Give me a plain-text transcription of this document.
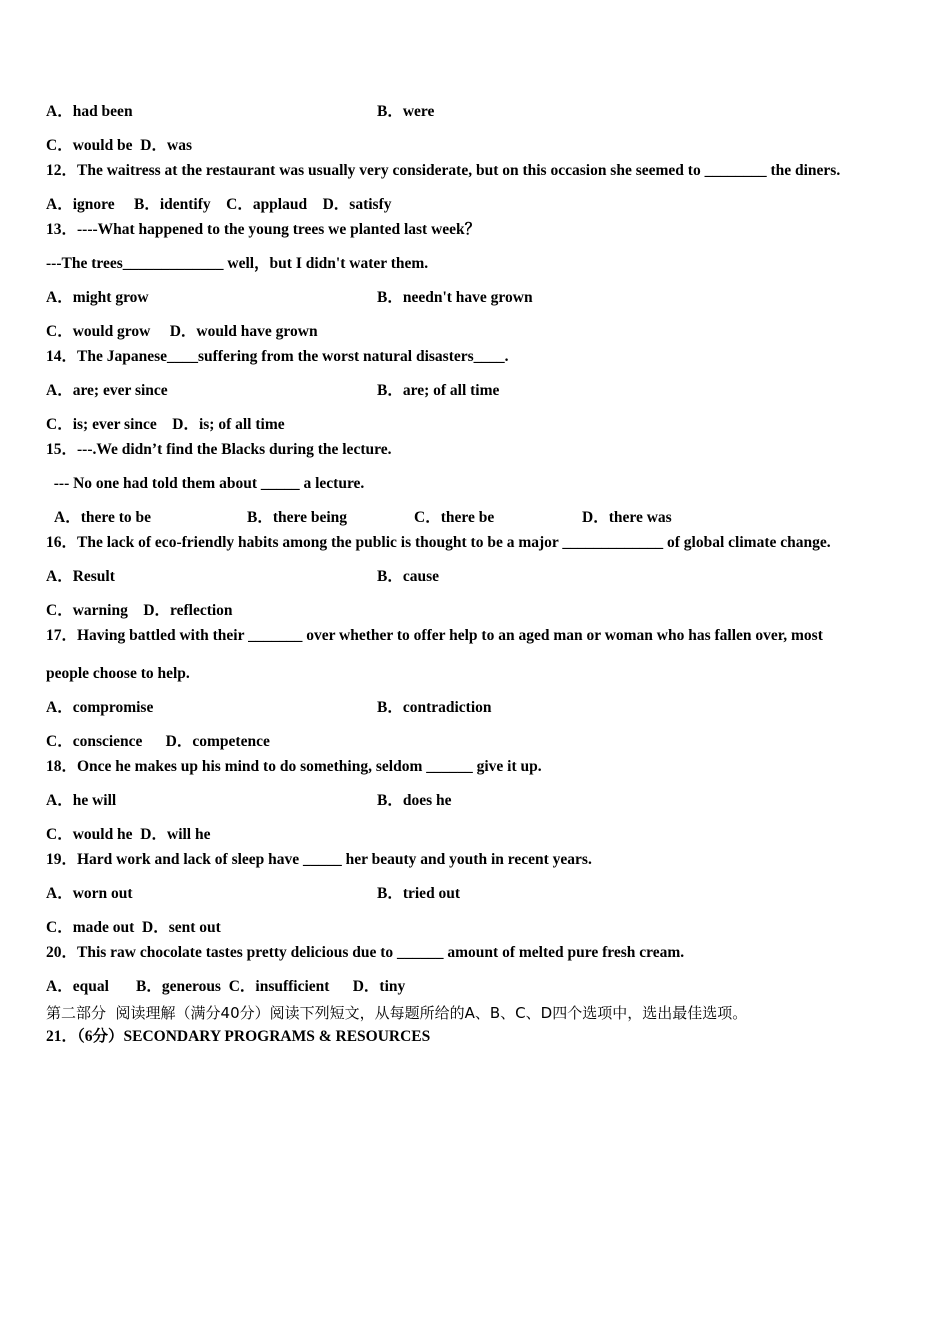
A．had been	B．were
C．would be  D．was
12．The waitress at the restaurant was usually very considerate, but on this occasion she seemed to ________ the diners.
A．ignore     B．identify    C．applaud    D．satisfy
13．----What happened to the young trees we planted last week？
---The trees_____________ well，but I didn't water them.
A．might grow	B．needn't have grown
C．would grow     D．would have grown
14．The Japanese____suffering from the worst natural disasters____.
A．are; ever since	B．are; of all time
C．is; ever since    D．is; of all time
15．---.We didn’t find the Blacks during the lecture.
--- No one had told them about _____ a lecture.
A．there to be	B．there being	C．there be	D．there was
16．The lack of eco-friendly habits among the public is thought to be a major _____________ of global climate change.
A．Result	B．cause
C．warning    D．reflection
17．Having battled with their _______ over whether to offer help to an aged man or woman who has fallen over, most
people choose to help.
A．compromise	B．contradiction
C．conscience      D．competence
18．Once he makes up his mind to do something, seldom ______ give it up.
A．he will	B．does he
C．would he  D．will he
19．Hard work and lack of sleep have _____ her beauty and youth in recent years.
A．worn out	B．tried out
C．made out  D．sent out
20．This raw chocolate tastes pretty delicious due to ______ amount of melted pure fresh cream.
A．equal       B．generous  C．insufficient      D．tiny
第二部分  阅读理解（满分40分）阅读下列短文，从每题所给的A、B、C、D四个选项中，选出最佳选项。
21．（6分）SECONDARY PROGRAMS & RESOURCES
